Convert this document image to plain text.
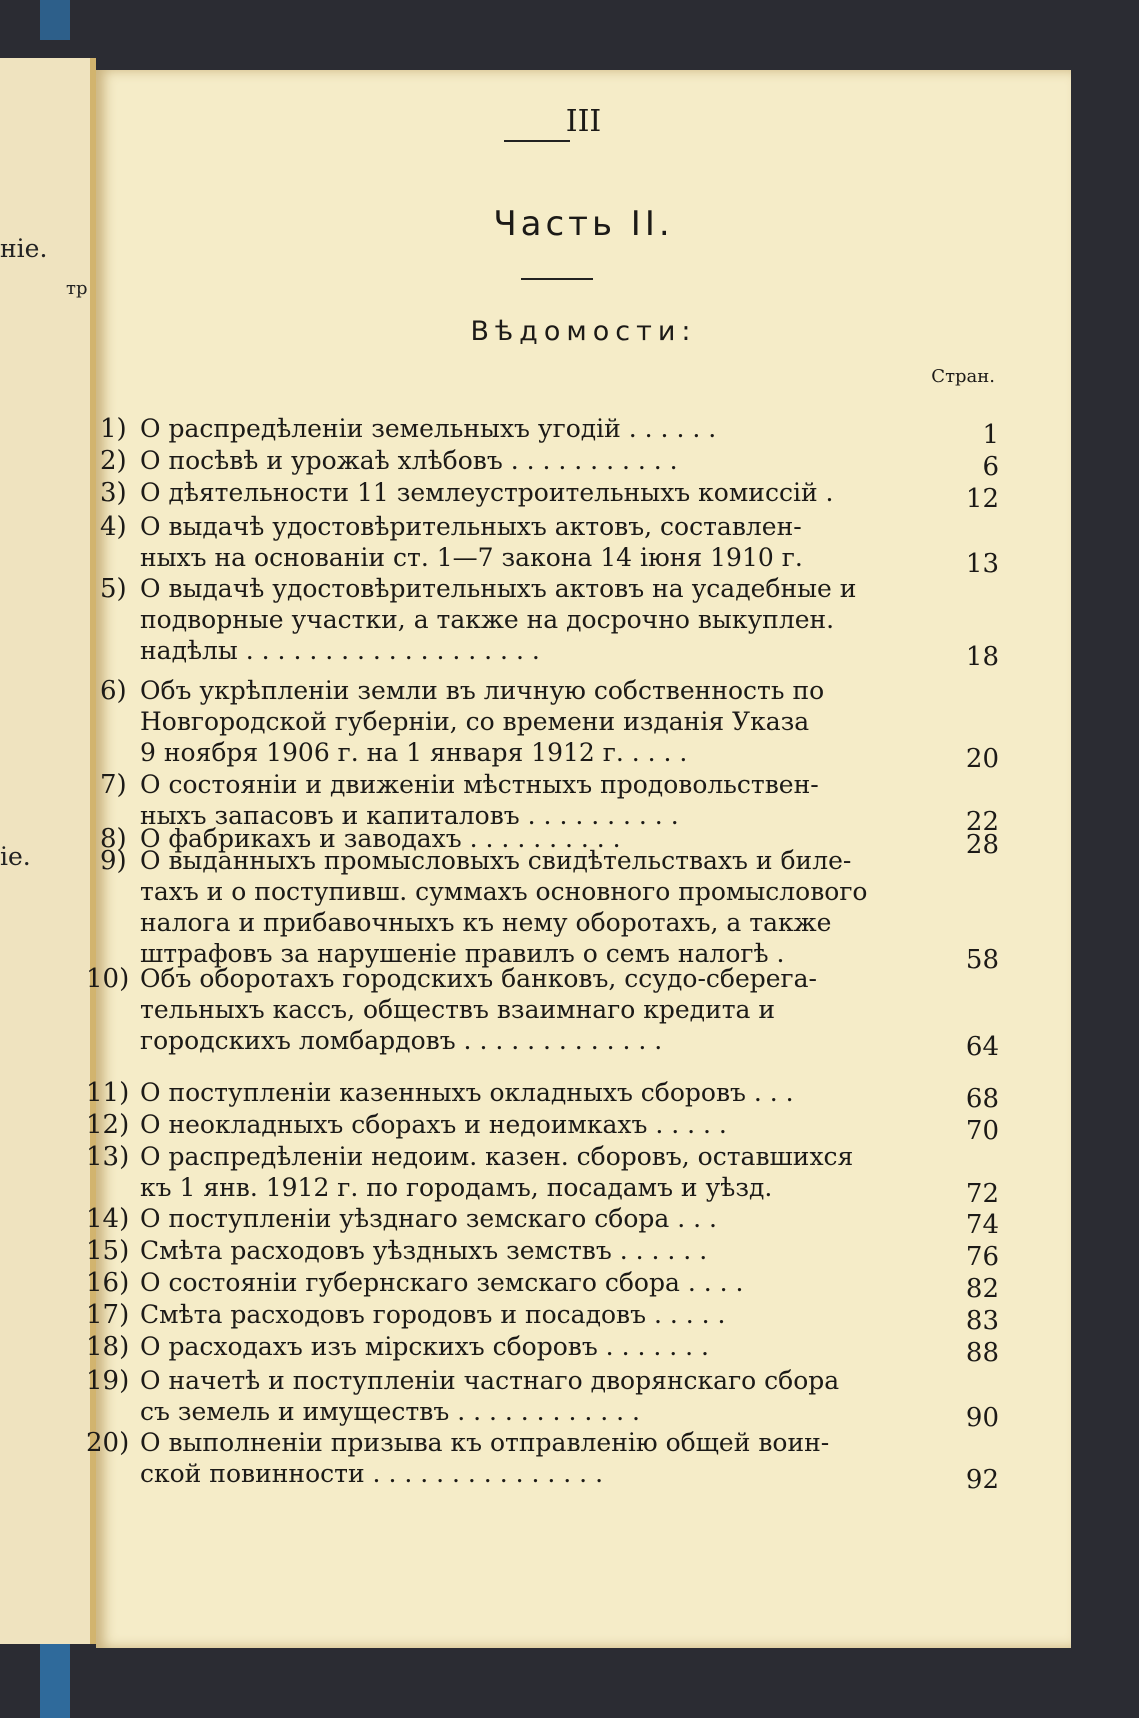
ніе.
тр
ie.
III
Часть II.
Вѣдомости:
Стран.
1) О распредѣленіи земельныхъ угодій . . . . . .	1
2) О посѣвѣ и урожаѣ хлѣбовъ . . . . . . . . . . .	6
3) О дѣятельности 11 землеустроительныхъ комиссій .	12
4) О выдачѣ удостовѣрительныхъ актовъ, составлен-
ныхъ на основаніи ст. 1—7 закона 14 іюня 1910 г.	13
5) О выдачѣ удостовѣрительныхъ актовъ на усадебные и
подворные участки, а также на досрочно выкуплен.
надѣлы . . . . . . . . . . . . . . . . . . .	18
6) Объ укрѣпленіи земли въ личную собственность по
Новгородской губерніи, со времени изданія Указа
9 ноября 1906 г. на 1 января 1912 г. . . . .	20
7) О состояніи и движеніи мѣстныхъ продовольствен-
ныхъ запасовъ и капиталовъ . . . . . . . . . .	22
8) О фабрикахъ и заводахъ . . . . . . . . . .	28
9) О выданныхъ промысловыхъ свидѣтельствахъ и биле-
тахъ и о поступивш. суммахъ основного промыслового
налога и прибавочныхъ къ нему оборотахъ, а также
штрафовъ за нарушеніе правилъ о семъ налогѣ .	58
10) Объ оборотахъ городскихъ банковъ, ссудо-сберега-
тельныхъ кассъ, обществъ взаимнаго кредита и
городскихъ ломбардовъ . . . . . . . . . . . . .	64
11) О поступленіи казенныхъ окладныхъ сборовъ . . .	68
12) О неокладныхъ сборахъ и недоимкахъ . . . . .	70
13) О распредѣленіи недоим. казен. сборовъ, оставшихся
къ 1 янв. 1912 г. по городамъ, посадамъ и уѣзд.	72
14) О поступленіи уѣзднаго земскаго сбора . . .	74
15) Смѣта расходовъ уѣздныхъ земствъ . . . . . .	76
16) О состояніи губернскаго земскаго сбора . . . .	82
17) Смѣта расходовъ городовъ и посадовъ . . . . .	83
18) О расходахъ изъ мірскихъ сборовъ . . . . . . .	88
19) О начетѣ и поступленіи частнаго дворянскаго сбора
съ земель и имуществъ . . . . . . . . . . . .	90
20) О выполненіи призыва къ отправленію общей воин-
ской повинности . . . . . . . . . . . . . . .	92
